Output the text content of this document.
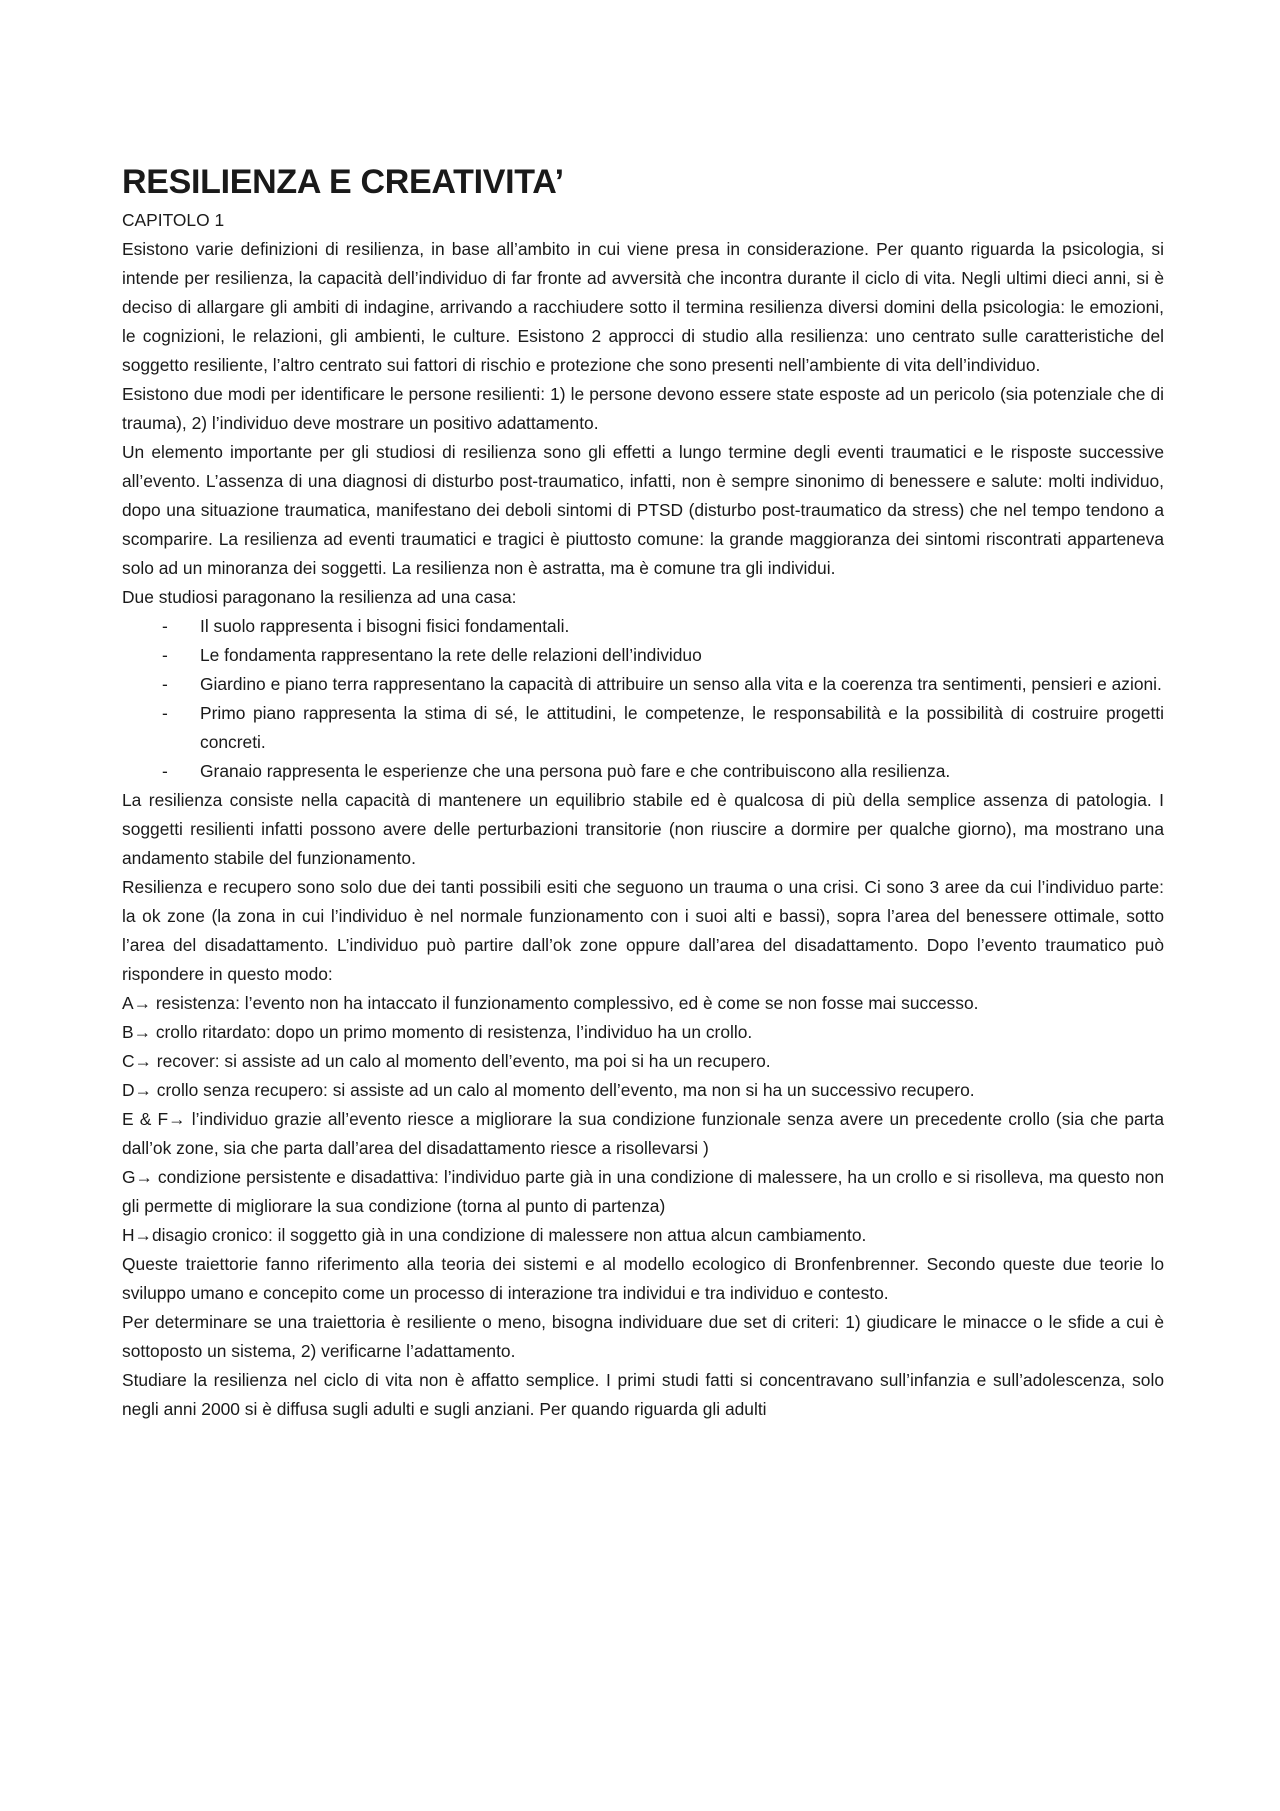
RESILIENZA E CREATIVITA’
CAPITOLO 1

Esistono varie definizioni di resilienza, in base all’ambito in cui viene presa in considerazione. Per quanto riguarda la psicologia, si intende per resilienza, la capacità dell’individuo di far fronte ad avversità che incontra durante il ciclo di vita. Negli ultimi dieci anni, si è deciso di allargare gli ambiti di indagine, arrivando a racchiudere sotto il termina resilienza diversi domini della psicologia: le emozioni, le cognizioni, le relazioni, gli ambienti, le culture. Esistono 2 approcci di studio alla resilienza: uno centrato sulle caratteristiche del soggetto resiliente, l’altro centrato sui fattori di rischio e protezione che sono presenti nell’ambiente di vita dell’individuo.

Esistono due modi per identificare le persone resilienti: 1) le persone devono essere state esposte ad un pericolo (sia potenziale che di trauma), 2) l’individuo deve mostrare un positivo adattamento.

Un elemento importante per gli studiosi di resilienza sono gli effetti a lungo termine degli eventi traumatici e le risposte successive all’evento. L’assenza di una diagnosi di disturbo post-traumatico, infatti, non è sempre sinonimo di benessere e salute: molti individuo, dopo una situazione traumatica, manifestano dei deboli sintomi di PTSD (disturbo post-traumatico da stress) che nel tempo tendono a scomparire. La resilienza ad eventi traumatici e tragici è piuttosto comune: la grande maggioranza dei sintomi riscontrati apparteneva solo ad un minoranza dei soggetti. La resilienza non è astratta, ma è comune tra gli individui.

Due studiosi paragonano la resilienza ad una casa:

- Il suolo rappresenta i bisogni fisici fondamentali.
- Le fondamenta rappresentano la rete delle relazioni dell’individuo
- Giardino e piano terra rappresentano la capacità di attribuire un senso alla vita e la coerenza tra sentimenti, pensieri e azioni.
- Primo piano rappresenta la stima di sé, le attitudini, le competenze, le responsabilità e la possibilità di costruire progetti concreti.
- Granaio rappresenta le esperienze che una persona può fare e che contribuiscono alla resilienza.

La resilienza consiste nella capacità di mantenere un equilibrio stabile ed è qualcosa di più della semplice assenza di patologia. I soggetti resilienti infatti possono avere delle perturbazioni transitorie (non riuscire a dormire per qualche giorno), ma mostrano una andamento stabile del funzionamento.

Resilienza e recupero sono solo due dei tanti possibili esiti che seguono un trauma o una crisi. Ci sono 3 aree da cui l’individuo parte: la ok zone (la zona in cui l’individuo è nel normale funzionamento con i suoi alti e bassi), sopra l’area del benessere ottimale, sotto l’area del disadattamento. L’individuo può partire dall’ok zone oppure dall’area del disadattamento. Dopo l’evento traumatico può rispondere in questo modo:

A→ resistenza: l’evento non ha intaccato il funzionamento complessivo, ed è come se non fosse mai successo.

B→ crollo ritardato: dopo un primo momento di resistenza, l’individuo ha un crollo.

C→ recover: si assiste ad un calo al momento dell’evento, ma poi si ha un recupero.

D→ crollo senza recupero: si assiste ad un calo al momento dell’evento, ma non si ha un successivo recupero.

E & F→ l’individuo grazie all’evento riesce a migliorare la sua condizione funzionale senza avere un precedente crollo (sia che parta dall’ok zone, sia che parta dall’area del disadattamento riesce a risollevarsi )

G→ condizione persistente e disadattiva: l’individuo parte già in una condizione di malessere, ha un crollo e si risolleva, ma questo non gli permette di migliorare la sua condizione (torna al punto di partenza)

H→disagio cronico: il soggetto già in una condizione di malessere non attua alcun cambiamento.

Queste traiettorie fanno riferimento alla teoria dei sistemi e al modello ecologico di Bronfenbrenner. Secondo queste due teorie lo sviluppo umano e concepito come un processo di interazione tra individui e tra individuo e contesto.

Per determinare se una traiettoria è resiliente o meno, bisogna individuare due set di criteri: 1) giudicare le minacce o le sfide a cui è sottoposto un sistema, 2) verificarne l’adattamento.

Studiare la resilienza nel ciclo di vita non è affatto semplice. I primi studi fatti si concentravano sull’infanzia e sull’adolescenza, solo negli anni 2000 si è diffusa sugli adulti e sugli anziani. Per quando riguarda gli adulti
